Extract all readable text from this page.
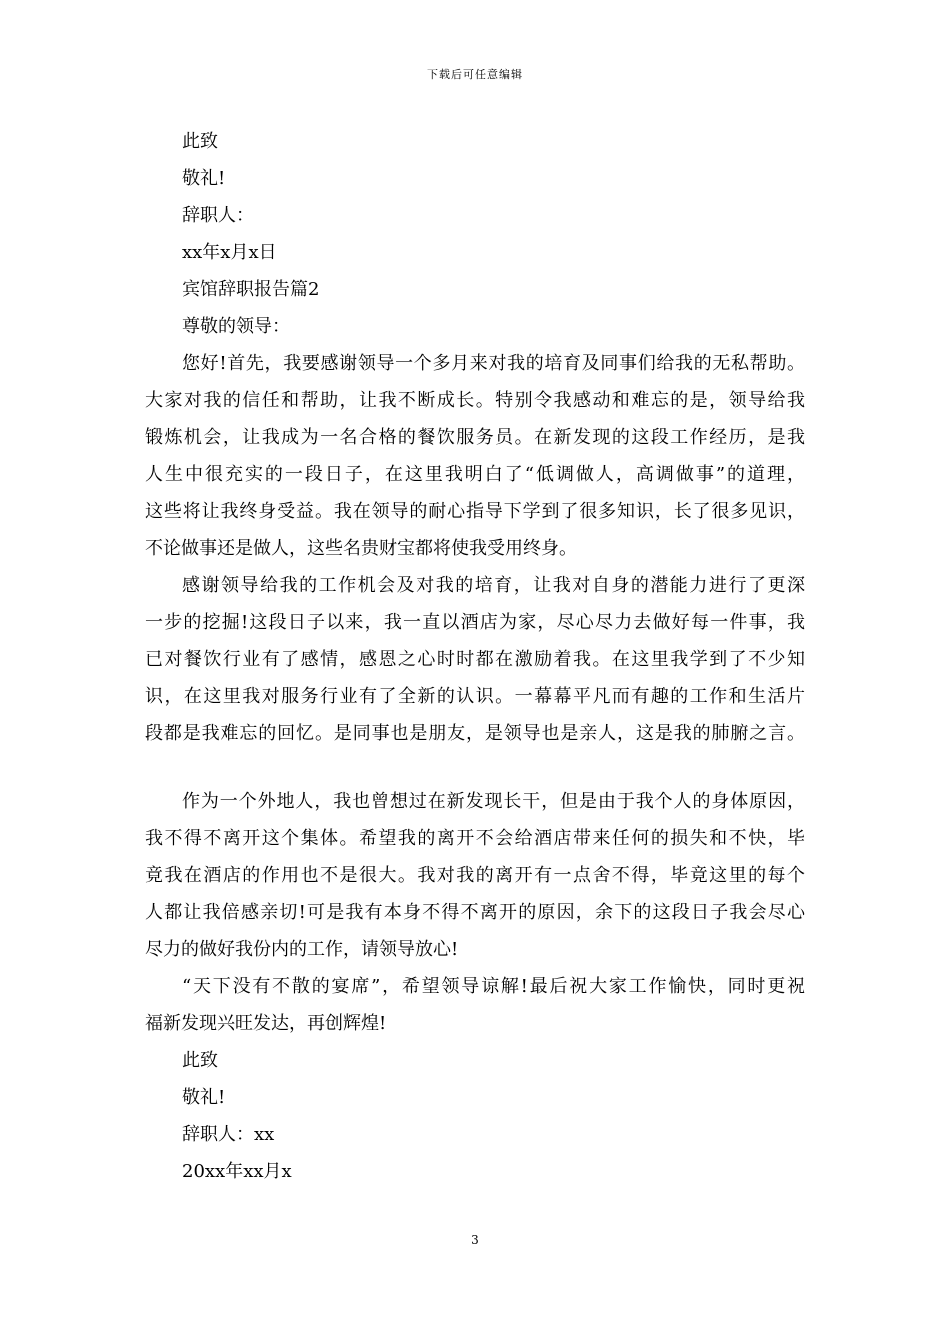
下载后可任意编辑
此致
敬礼!
辞职人：
xx年x月x日
宾馆辞职报告篇2
尊敬的领导：
您好!首先，我要感谢领导一个多月来对我的培育及同事们给我的无私帮助。
大家对我的信任和帮助，让我不断成长。特别令我感动和难忘的是，领导给我
锻炼机会，让我成为一名合格的餐饮服务员。在新发现的这段工作经历，是我
人生中很充实的一段日子，在这里我明白了“低调做人，高调做事”的道理，
这些将让我终身受益。我在领导的耐心指导下学到了很多知识，长了很多见识，
不论做事还是做人，这些名贵财宝都将使我受用终身。
感谢领导给我的工作机会及对我的培育，让我对自身的潜能力进行了更深
一步的挖掘!这段日子以来，我一直以酒店为家，尽心尽力去做好每一件事，我
已对餐饮行业有了感情，感恩之心时时都在激励着我。在这里我学到了不少知
识，在这里我对服务行业有了全新的认识。一幕幕平凡而有趣的工作和生活片
段都是我难忘的回忆。是同事也是朋友，是领导也是亲人，这是我的肺腑之言。
作为一个外地人，我也曾想过在新发现长干，但是由于我个人的身体原因，
我不得不离开这个集体。希望我的离开不会给酒店带来任何的损失和不快，毕
竟我在酒店的作用也不是很大。我对我的离开有一点舍不得，毕竟这里的每个
人都让我倍感亲切!可是我有本身不得不离开的原因，余下的这段日子我会尽心
尽力的做好我份内的工作，请领导放心!
“天下没有不散的宴席”，希望领导谅解!最后祝大家工作愉快，同时更祝
福新发现兴旺发达，再创辉煌!
此致
敬礼!
辞职人：xx
20xx年xx月x
3
